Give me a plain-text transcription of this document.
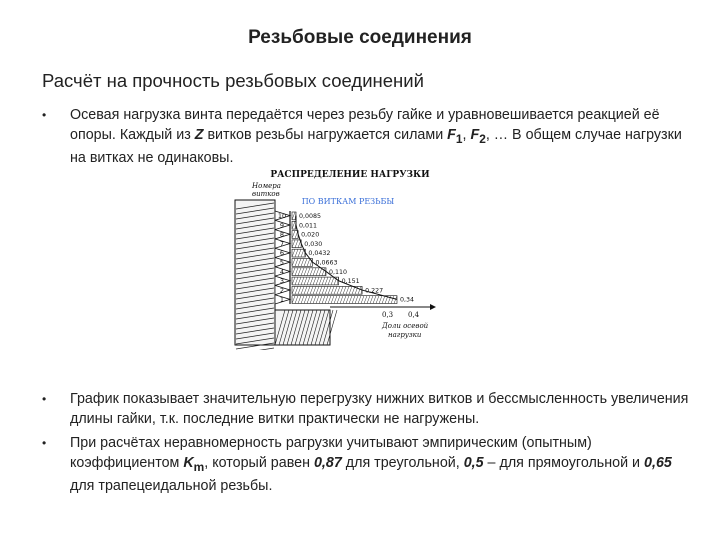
Резьбовые соединения
Расчёт на прочность резьбовых соединений
• Осевая нагрузка винта передаётся через резьбу гайке и уравновешивается реакцией её опоры. Каждый из Z витков резьбы нагружается силами $F_1$, $F_2$, … В общем случае нагрузки на витках не одинаковы.
РАСПРЕДЕЛЕНИЕ НАГРУЗКИ
ПО ВИТКАМ РЕЗЬБЫ
Номера
витков
10
9
8
7
6
5
4
3
2
1
0,0085
0,011
0,020
0,030
0,0432
0,0663
0,110
0,151
0,227
0,34
0,3 0,4
Доли осевой
нагрузки
• График показывает значительную перегрузку нижних витков и бессмысленность увеличения длины гайки, т.к. последние витки практически не нагружены.
• При расчётах неравномерность рагрузки учитывают эмпирическим (опытным) коэффициентом $K_m$, который равен 0,87 для треугольной, 0,5 – для прямоугольной и 0,65 для трапецеидальной резьбы.
